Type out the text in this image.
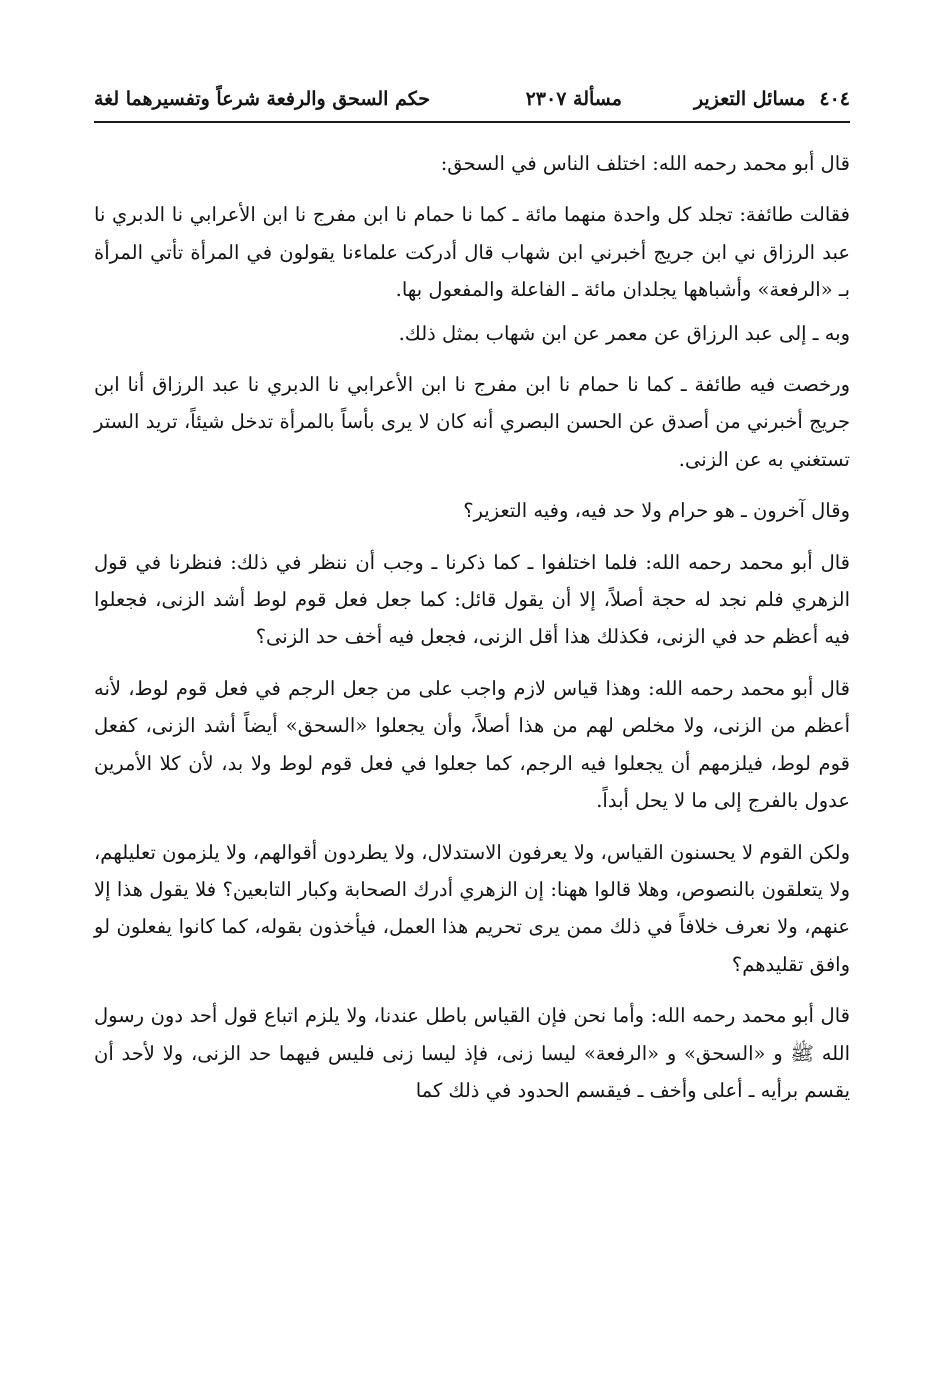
٤٠٤
مسائل التعزير
مسألة ٢٣٠٧
حكم السحق والرفعة شرعاً وتفسيرهما لغة

قال أبو محمد رحمه الله: اختلف الناس في السحق:

فقالت طائفة: تجلد كل واحدة منهما مائة ـ كما نا حمام نا ابن مفرج نا ابن الأعرابي نا الدبري نا عبد الرزاق ني ابن جريج أخبرني ابن شهاب قال أدركت علماءنا يقولون في المرأة تأتي المرأة بـ «الرفعة» وأشباهها يجلدان مائة ـ الفاعلة والمفعول بها.

وبه ـ إلى عبد الرزاق عن معمر عن ابن شهاب بمثل ذلك.

ورخصت فيه طائفة ـ كما نا حمام نا ابن مفرج نا ابن الأعرابي نا الدبري نا عبد الرزاق أنا ابن جريج أخبرني من أصدق عن الحسن البصري أنه كان لا يرى بأساً بالمرأة تدخل شيئاً، تريد الستر تستغني به عن الزنى.

وقال آخرون ـ هو حرام ولا حد فيه، وفيه التعزير؟

قال أبو محمد رحمه الله: فلما اختلفوا ـ كما ذكرنا ـ وجب أن ننظر في ذلك: فنظرنا في قول الزهري فلم نجد له حجة أصلاً، إلا أن يقول قائل: كما جعل فعل قوم لوط أشد الزنى، فجعلوا فيه أعظم حد في الزنى، فكذلك هذا أقل الزنى، فجعل فيه أخف حد الزنى؟

قال أبو محمد رحمه الله: وهذا قياس لازم واجب على من جعل الرجم في فعل قوم لوط، لأنه أعظم من الزنى، ولا مخلص لهم من هذا أصلاً، وأن يجعلوا «السحق» أيضاً أشد الزنى، كفعل قوم لوط، فيلزمهم أن يجعلوا فيه الرجم، كما جعلوا في فعل قوم لوط ولا بد، لأن كلا الأمرين عدول بالفرج إلى ما لا يحل أبداً.

ولكن القوم لا يحسنون القياس، ولا يعرفون الاستدلال، ولا يطردون أقوالهم، ولا يلزمون تعليلهم، ولا يتعلقون بالنصوص، وهلا قالوا ههنا: إن الزهري أدرك الصحابة وكبار التابعين؟ فلا يقول هذا إلا عنهم، ولا نعرف خلافاً في ذلك ممن يرى تحريم هذا العمل، فيأخذون بقوله، كما كانوا يفعلون لو وافق تقليدهم؟

قال أبو محمد رحمه الله: وأما نحن فإن القياس باطل عندنا، ولا يلزم اتباع قول أحد دون رسول الله ﷺ و «السحق» و «الرفعة» ليسا زنى، فإذ ليسا زنى فليس فيهما حد الزنى، ولا لأحد أن يقسم برأيه ـ أعلى وأخف ـ فيقسم الحدود في ذلك كما
